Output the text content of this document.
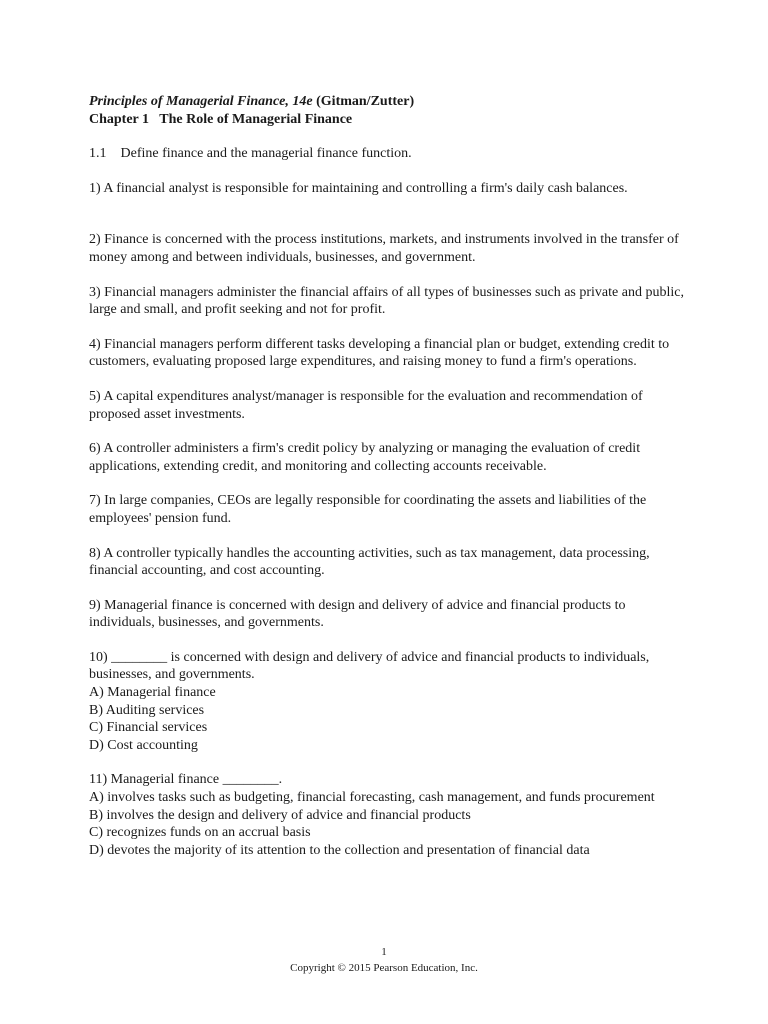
Principles of Managerial Finance, 14e (Gitman/Zutter)
Chapter 1   The Role of Managerial Finance
1.1    Define finance and the managerial finance function.
1) A financial analyst is responsible for maintaining and controlling a firm's daily cash balances.
2) Finance is concerned with the process institutions, markets, and instruments involved in the transfer of money among and between individuals, businesses, and government.
3) Financial managers administer the financial affairs of all types of businesses such as private and public, large and small, and profit seeking and not for profit.
4) Financial managers perform different tasks developing a financial plan or budget, extending credit to customers, evaluating proposed large expenditures, and raising money to fund a firm's operations.
5) A capital expenditures analyst/manager is responsible for the evaluation and recommendation of proposed asset investments.
6) A controller administers a firm's credit policy by analyzing or managing the evaluation of credit applications, extending credit, and monitoring and collecting accounts receivable.
7) In large companies, CEOs are legally responsible for coordinating the assets and liabilities of the employees' pension fund.
8) A controller typically handles the accounting activities, such as tax management, data processing, financial accounting, and cost accounting.
9) Managerial finance is concerned with design and delivery of advice and financial products to individuals, businesses, and governments.
10) ________ is concerned with design and delivery of advice and financial products to individuals, businesses, and governments.
A) Managerial finance
B) Auditing services
C) Financial services
D) Cost accounting
11) Managerial finance ________.
A) involves tasks such as budgeting, financial forecasting, cash management, and funds procurement
B) involves the design and delivery of advice and financial products
C) recognizes funds on an accrual basis
D) devotes the majority of its attention to the collection and presentation of financial data
1
Copyright © 2015 Pearson Education, Inc.
